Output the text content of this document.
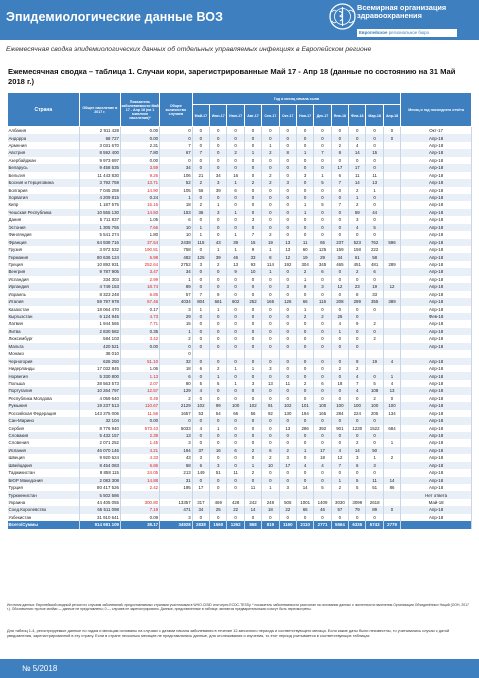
Эпидемиологические данные ВОЗ
Всемирная организация здравоохранения
Европейское региональное бюро
Ежемесячная сводка эпидемиологических данных об отдельных управляемых инфекциях в Европейском регионе
Ежемесячная сводка – таблица 1. Случаи кори, зарегистрированные Май 17 - Апр 18 (данные по состоянию на 31 Май 2018 г.)
Страна	Общее население в 2017 г.	Показатель заболеваемости Май 17 - Апр 18 (на 1 миллион населения)*	Общее количество случаев	Год и месяц начала сыпи												Месяц и год последнего отчёта
				Май-17	Июн-17	Июл-17	Авг-17	Сен-17	Окт-17	Ноя-17	Дек-17	Янв-18	Фев-18	Мар-18	Апр-18	
Албания	2 911 428	0.00	0	0	0	0	0	0	0	0	0	0	0	0	0	Окт-17
Андорра	68 727	0.00	0	0	0	0	0	0	0	0	0	0	0	0	0	Апр-18
Армения	3 031 670	2.31	7	0	0	0	0	1	0	0	0	2	4	0		Апр-18
Австрия	8 592 400	7.80	67	7	0	2	1	2	8	1	7	8	14	15		Апр-18
Азербайджан	9 973 697	0.00	0	0	0	0	0	0	0	0	0	0	0	0		Апр-18
Беларусь	9 458 535	3.59	34	0	0	0	0	0	0	0	0	17	17	0		Апр-18
Бельгия	11 443 830	9.26	106	21	34	16	0	2	0	3	1	6	11	11		Апр-18
Босния и Герцеговина	3 792 759	13.71	52	2	3	1	2	2	3	0	5	7	14	13		Апр-18
Болгария	7 045 259	14.90	105	56	39	6	0	0	0	0	0	0	2	1		Апр-18
Хорватия	4 209 815	0.24	1	0	0	0	0	0	0	0	0	0	1	0		Апр-18
Кипр	1 187 575	15.16	18	2	1	0	0	0	0	1	5	7	2	0		Апр-18
Чешская Республика	10 555 130	14.50	153	36	3	1	0	0	0	1	0	0	59	44		Апр-18
Дания	5 711 837	1.05	6	0	0	0	3	0	0	0	0	0	3	0		Апр-18
Эстония	1 305 755	7.66	10	1	0	0	0	0	0	0	0	0	4	5		Апр-18
Финляндия	5 541 274	1.80	10	1	0	1	7	2	0	0	0	0	0	0		Апр-18
Франция	64 938 716	37.54	2438	115	43	39	15	19	13	11	65	237	523	762	596	Апр-18
Грузия	3 972 532	190.81	758	0	1	1	9	1	13	60	125	159	158	222		Апр-18
Германия	80 636 124	5.98	482	125	39	46	33	8	12	19	29	34	61	58		Апр-18
Греция	10 892 931	252.64	2752	3	2	13	93	114	192	304	345	465	451	481	289	Апр-18
Венгрия	9 787 905	3.47	34	0	0	9	10	1	0	2	6	0	2	6		Апр-18
Исландия	334 303	2.99	1	0	0	0	0	0	0	1	0	0	0	0		Апр-18
Ирландия	4 749 153	18.74	89	0	0	0	0	0	3	9	3	12	23	19	12	Апр-18
Израиль	8 323 248	6.85	57	7	9	0	0	0	0	0	0	0	8	33		Апр-18
Италия	59 797 978	67.46	4034	804	661	602	252	166	126	66	116	208	289	355	389	Апр-18
Казахстан	18 064 470	0.17	3	1	1	0	0	0	0	1	0	0	0	0		Апр-18
Кыргызстан	6 124 945	4.73	29	0	0	0	0	0	0	2	2	25	0			Фев-18
Латвия	1 944 565	7.71	15	0	0	0	0	0	0	0	0	4	9	2		Апр-18
Литва	2 830 582	0.35	1	0	0	0	0	0	0	0	0	1	0	0		Апр-18
Люксембург	584 103	3.42	2	0	0	0	0	0	0	0	0	0	0	2		Апр-18
Мальта	420 521	0.00	0	0	0	0	0	0	0	0	0	0	0			Апр-18
Монако	38 010		0													
Черногория	626 250	51.10	32	0	0	0	0	0	0	0	0	0	9	19	4	Апр-18
Нидерланды	17 032 845	1.06	18	6	2	1	1	3	0	0	0	2	2			Апр-18
Норвегия	5 330 800	1.13	6	0	1	0	0	0	0	0	0	0	4	0	1	Апр-18
Польша	38 563 573	2.07	80	5	5	1	3	13	11	2	6	18	7	5	4	Апр-18
Португалия	10 264 797	12.57	129	4	0	0	0	0	0	0	0	0	4	108	13	Апр-18
Республика Молдова	4 059 640	0.49	2	0	0	0	0	0	0	0	0	0	0	2	0	Апр-18
Румыния	19 237 513	110.67	2129	102	99	100	102	91	102	101	100	100	100	100	100	Апр-18
Российская Федерация	143 375 006	11.56	1657	53	54	66	56	92	130	194	165	284	224	205	134	Апр-18
Сан-Марино	32 104	0.00	0	0	0	0	0	0	0	0	0	0	0	0		Апр-18
Сербия	8 776 940	573.43	5033	4	1	0	0	0	13	286	392	901	1230	1522	684	Апр-18
Словакия	5 432 157	2.39	13	0	0	0	0	0	0	0	0	0	0	0		Апр-18
Словения	2 071 252	1.45	3	0	0	0	0	0	0	0	0	0	2	0	1	Апр-18
Испания	46 070 146	4.21	194	37	16	6	2	6	2	1	17	4	14	50		Апр-18
Швеция	9 920 624	4.33	43	3	0	0	0	2	3	0	18	12	3	1	2	Апр-18
Швейцария	8 454 083	6.86	58	6	3	0	1	10	17	4	4	7	6	3		Апр-18
Таджикистан	8 858 115	24.05	213	149	51	11	2	0	0	0	0	0	0	0		Апр-18
БЮР Македония	2 083 308	14.88	31	0	0	0	0	0	0	0	0	1	5	11	14	Апр-18
Турция	80 417 526	2.42	195	17	0	0	11	1	3	14	5	2	5	51	86	Апр-18
Туркменистан	5 502 586															Нет ответа
Украина	44 405 055	300.80	13357	317	469	428	242	248	505	1001	1409	3030	3099	2618		Май-18
Соед.Королевство	65 511 098	7.19	471	34	25	22	14	18	22	65	46	57	79	89	0	Апр-18
Узбекистан	31 910 641	0.09	3	0	0	0	0	0	0	0	0	0	0	0		Апр-18
Всего/Суммы	914 981 109	38.17	34928	2838	1560	1262	868	819	1160	2110	2771	5564	6335	5743	2779	
Источник данных: Европейский сводный регион по случаям заболеваний, предоставляемых странами участниками в WHO-CISID или через ECDC-TESSy. * показатель заболеваемости рассчитан на основании данных о численности населения Организации Объединённых Наций (ООН, 2017 г.). Обозначения: пустые ячейки — данные не представлены; 0 — случаев не зарегистрировано. Данные, представленные в таблице, являются предварительными и могут быть пересмотрены.
Для таблиц 1-4, регистрируемые данные по годам и месяцам основаны на случаях с датами начала заболевания в течение 12-месячного периода и соответствующего месяца. Если какие даты были неизвестны, то учитывались случаи с датой уведомления, зарегистрированной в эту страну. Если в стране несколько месяцев не представлялись данные, для отслеживания и изучения, то этот период учитывается в соответствующих таблицах.
№ 5/2018
